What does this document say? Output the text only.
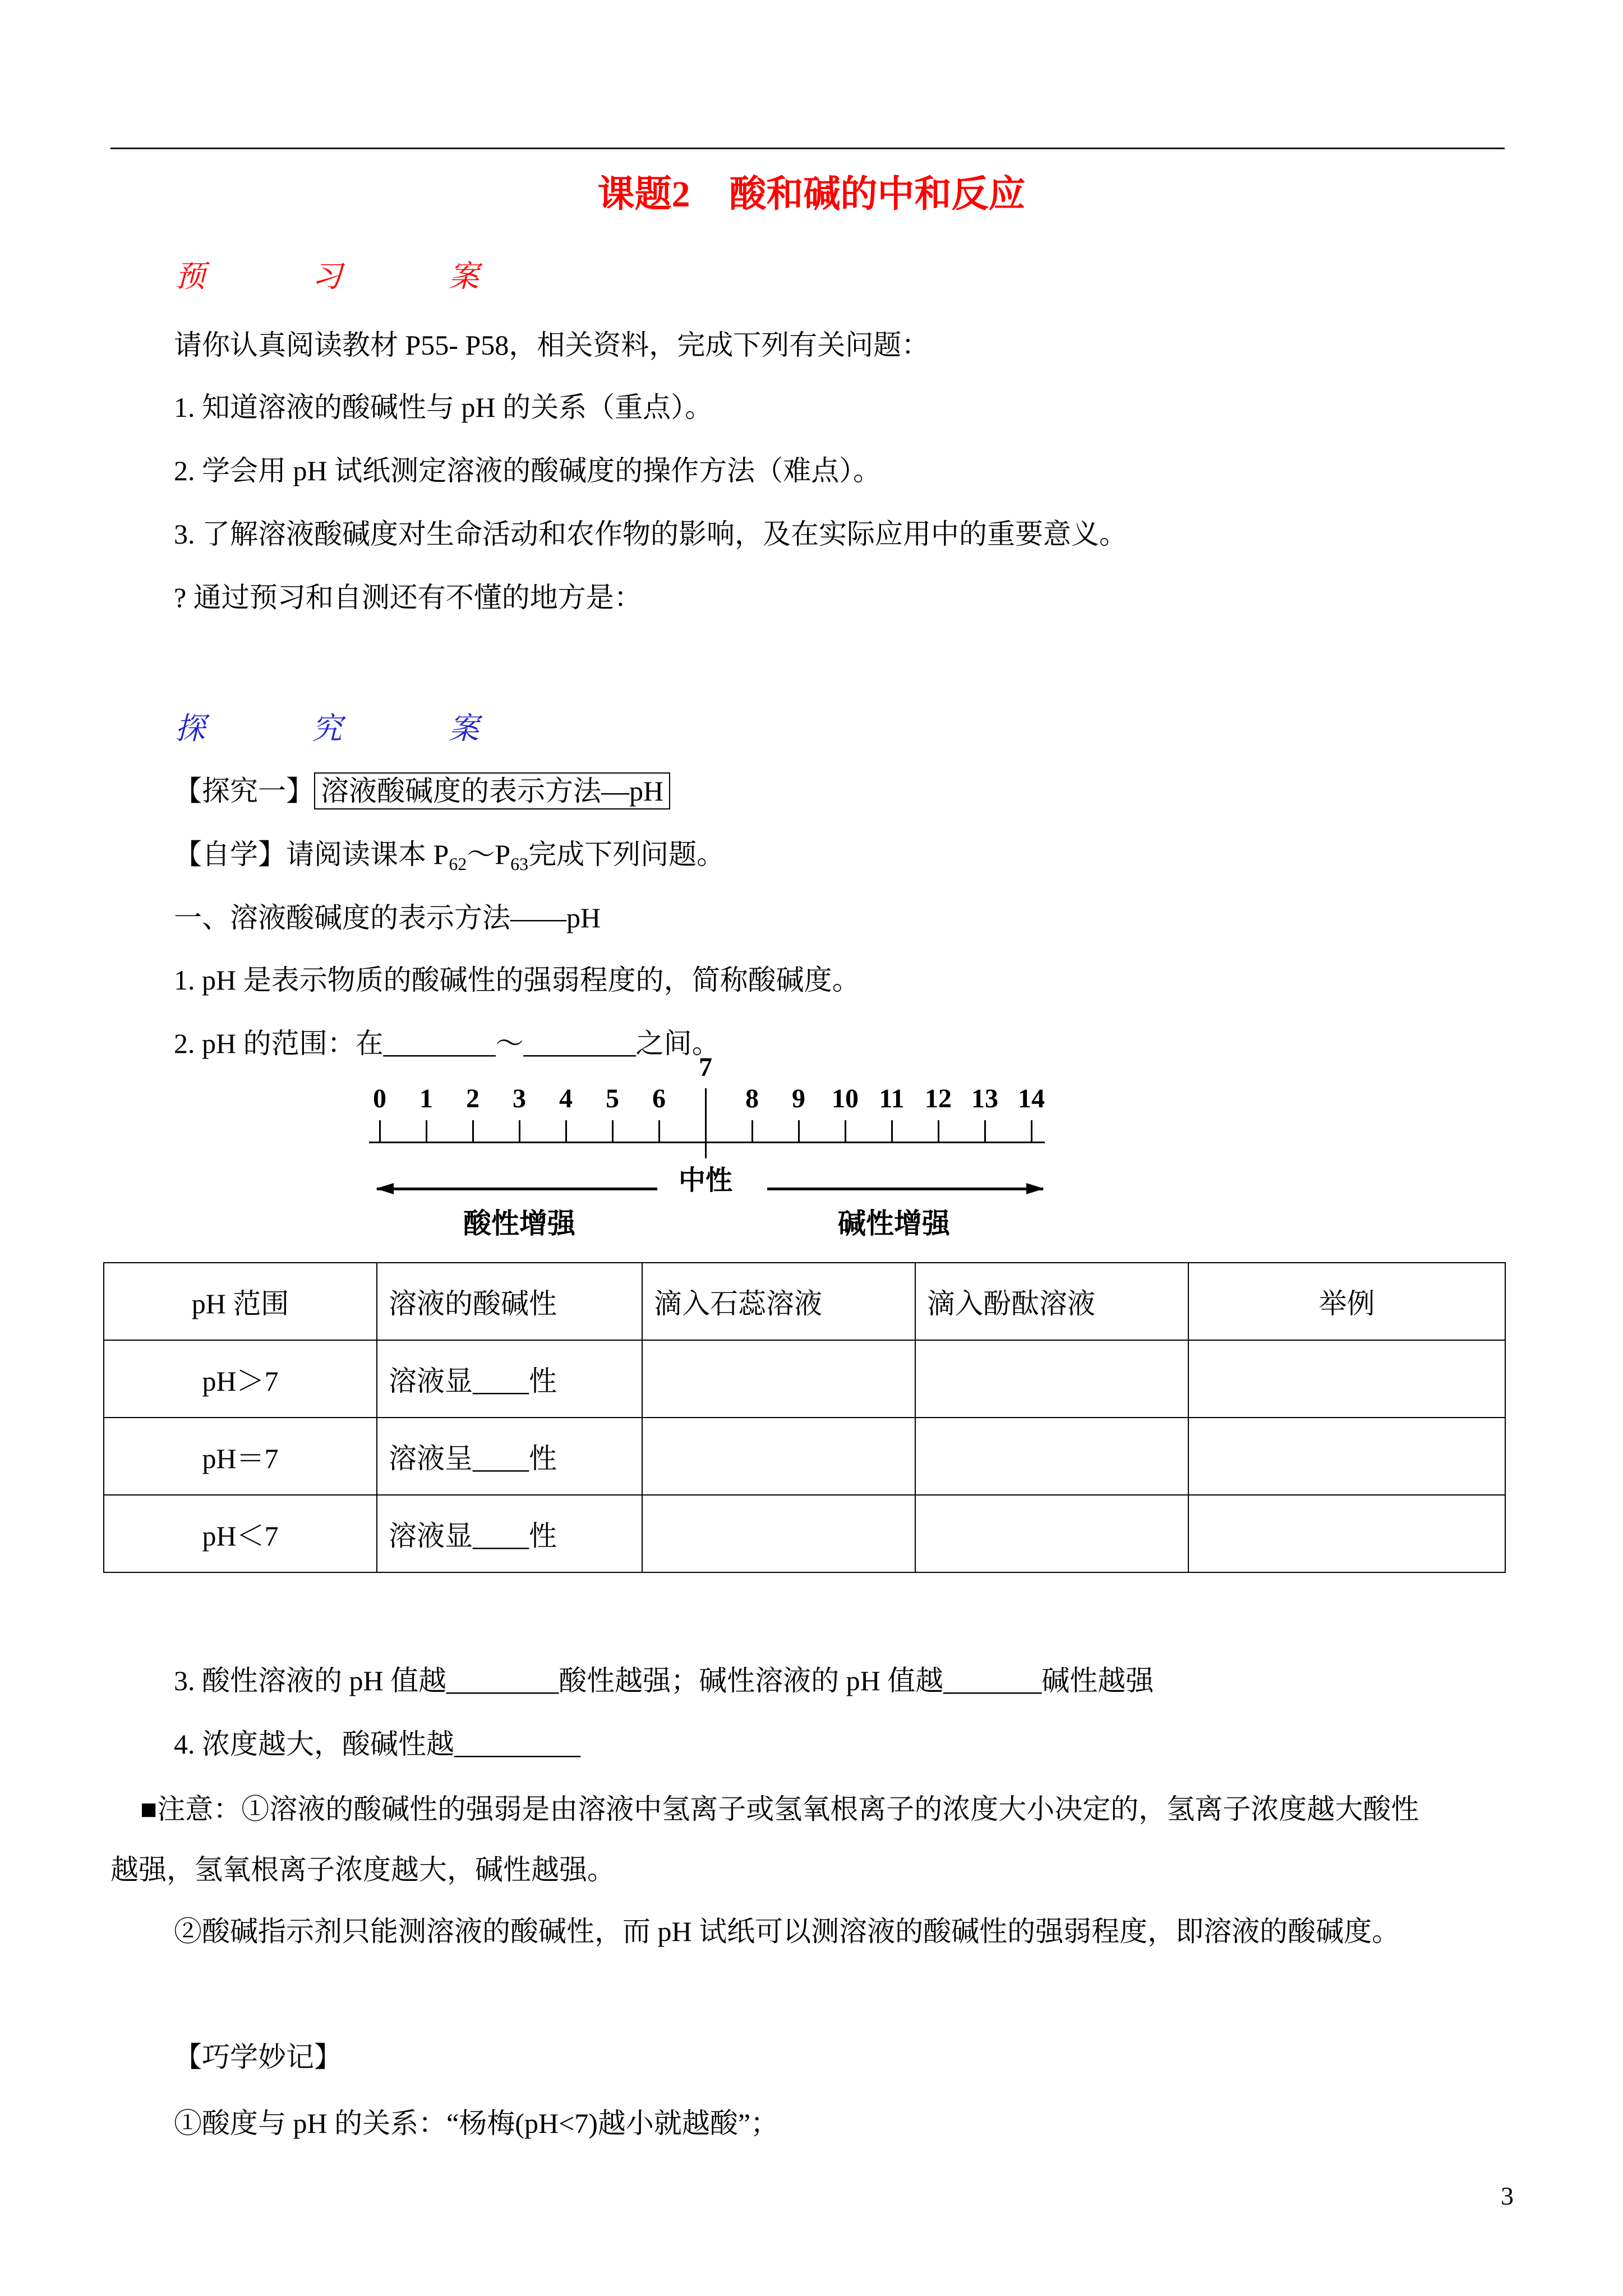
课题2 酸和碱的中和反应
预习案

请你认真阅读教材 P55- P58，相关资料，完成下列有关问题：

1. 知道溶液的酸碱性与 pH 的关系（重点）。

2. 学会用 pH 试纸测定溶液的酸碱度的操作方法（难点）。

3. 了解溶液酸碱度对生命活动和农作物的影响，及在实际应用中的重要意义。

? 通过预习和自测还有不懂的地方是：

探究案

【探究一】 溶液酸碱度的表示方法—pH

【自学】请阅读课本 $P_{62}\sim P_{63}$完成下列问题。

一、溶液酸碱度的表示方法——pH

1. pH 是表示物质的酸碱性的强弱程度的，简称酸碱度。

2. pH 的范围：在________～________之间。

0 1 2 3 4 5 6
7
8 9 10 11 12 13 14
中性
酸性增强	碱性增强
pH 范围	溶液的酸碱性	滴入石蕊溶液	滴入酚酞溶液	举例
pH＞7	溶液显____性			
pH＝7	溶液呈____性			
pH＜7	溶液显____性			

3. 酸性溶液的 pH 值越________酸性越强；碱性溶液的 pH 值越_______碱性越强

4. 浓度越大，酸碱性越_________

■注意：①溶液的酸碱性的强弱是由溶液中氢离子或氢氧根离子的浓度大小决定的，氢离子浓度越大酸性

越强，氢氧根离子浓度越大，碱性越强。

②酸碱指示剂只能测溶液的酸碱性，而 pH 试纸可以测溶液的酸碱性的强弱程度，即溶液的酸碱度。

【巧学妙记】

①酸度与 pH 的关系：“杨梅(pH<7)越小就越酸”；

3
